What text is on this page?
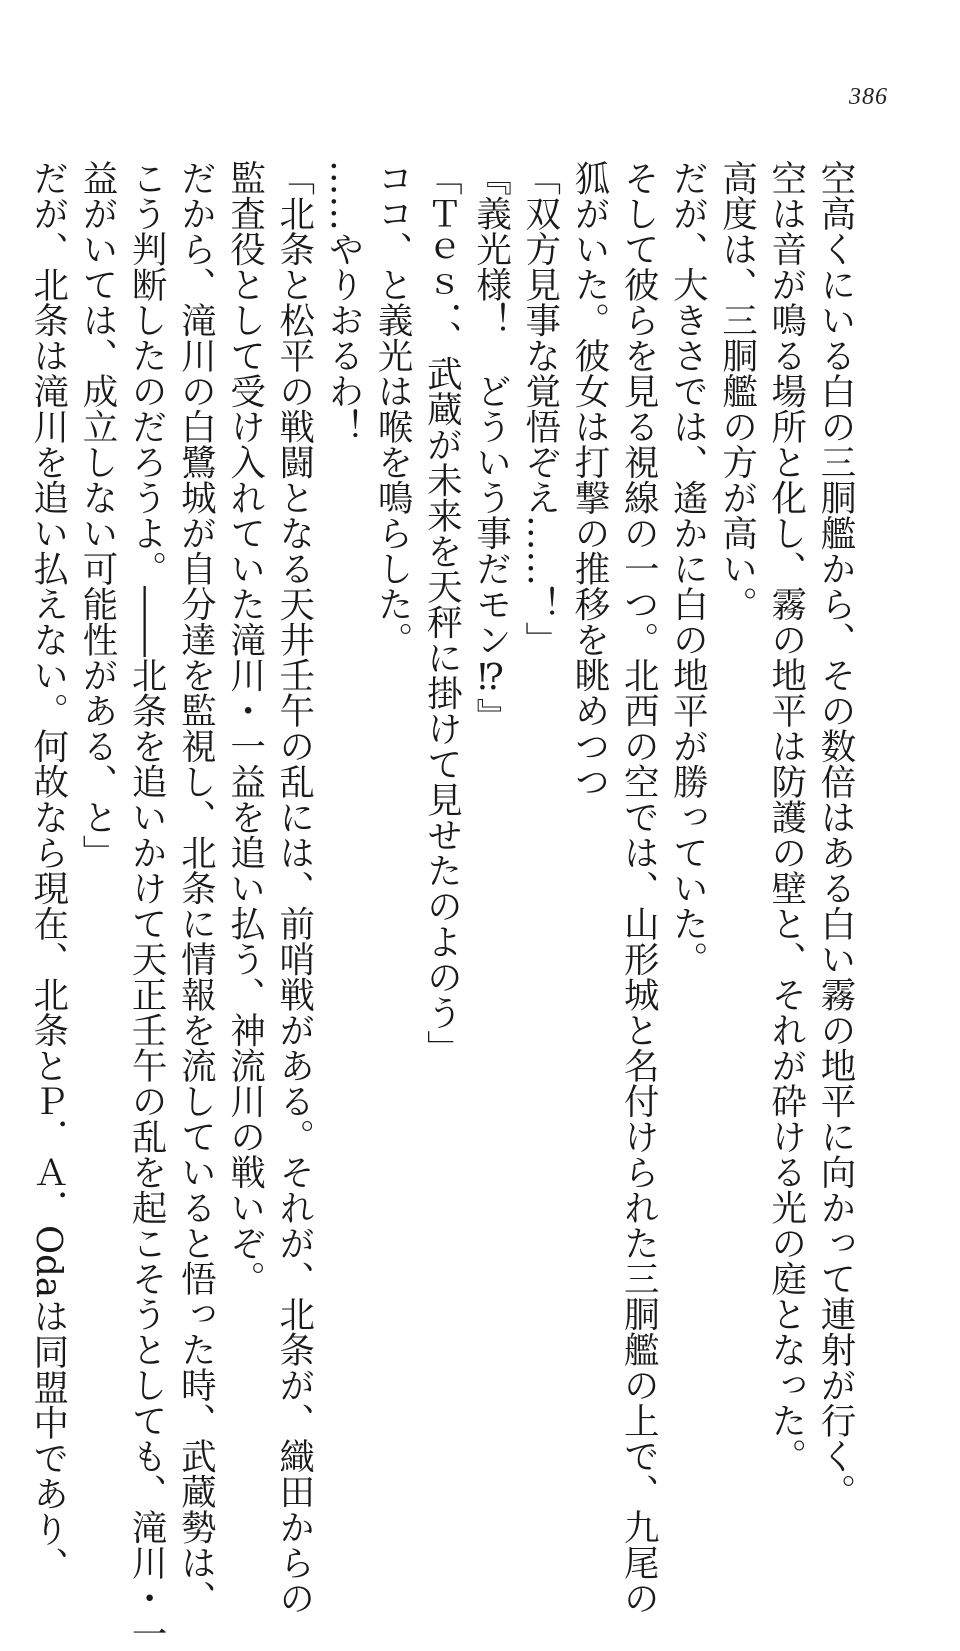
386
空高くにいる白の三胴艦から、その数倍はある白い霧の地平に向かって連射が行く。
空は音が鳴る場所と化し、霧の地平は防護の壁と、それが砕ける光の庭となった。
高度は、三胴艦の方が高い。
だが、大きさでは、遙かに白の地平が勝っていた。
そして彼らを見る視線の一つ。北西の空では、山形城と名付けられた三胴艦の上で、九尾の
狐がいた。彼女は打撃の推移を眺めつつ
「双方見事な覚悟ぞえ……！」
『義光様！　どういう事だモン⁉』
「Ｔｅｓ．、武蔵が未来を天秤に掛けて見せたのよのう」
ココ、と義光は喉を鳴らした。
……やりおるわ！
「北条と松平の戦闘となる天井壬午の乱には、前哨戦がある。それが、北条が、織田からの
監査役として受け入れていた滝川・一益を追い払う、神流川の戦いぞ。
だから、滝川の白鷺城が自分達を監視し、北条に情報を流していると悟った時、武蔵勢は、
こう判断したのだろうよ。――北条を追いかけて天正壬午の乱を起こそうとしても、滝川・一
益がいては、成立しない可能性がある、と」
だが、北条は滝川を追い払えない。何故なら現在、北条とＰ．Ａ．Odaは同盟中であり、
